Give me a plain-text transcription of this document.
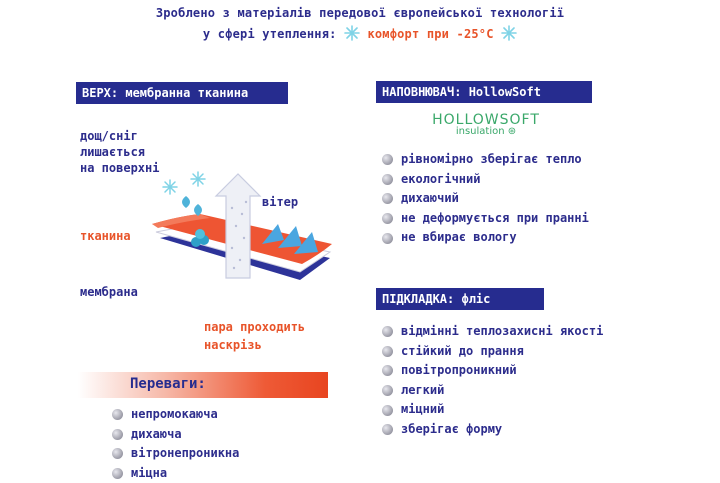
Зроблено з матеріалів передової європейської технології
у сфері утеплення:	комфорт при -25°C
ВЕРХ: мембранна тканина
дощ/сніг
лишається
на поверхні
вітер
тканина
мембрана
пара проходить
наскрізь
Переваги:
непромокаюча
дихаюча
вітронепроникна
міцна
НАПОВНЮВАЧ: HollowSoft
HOLLOWSOFT
insulation ⊛
рівномірно зберігає тепло
екологічний
дихаючий
не деформується при пранні
не вбирає вологу
ПІДКЛАДКА: фліс
відмінні теплозахисні якості
стійкий до прання
повітропроникний
легкий
міцний
зберігає форму
